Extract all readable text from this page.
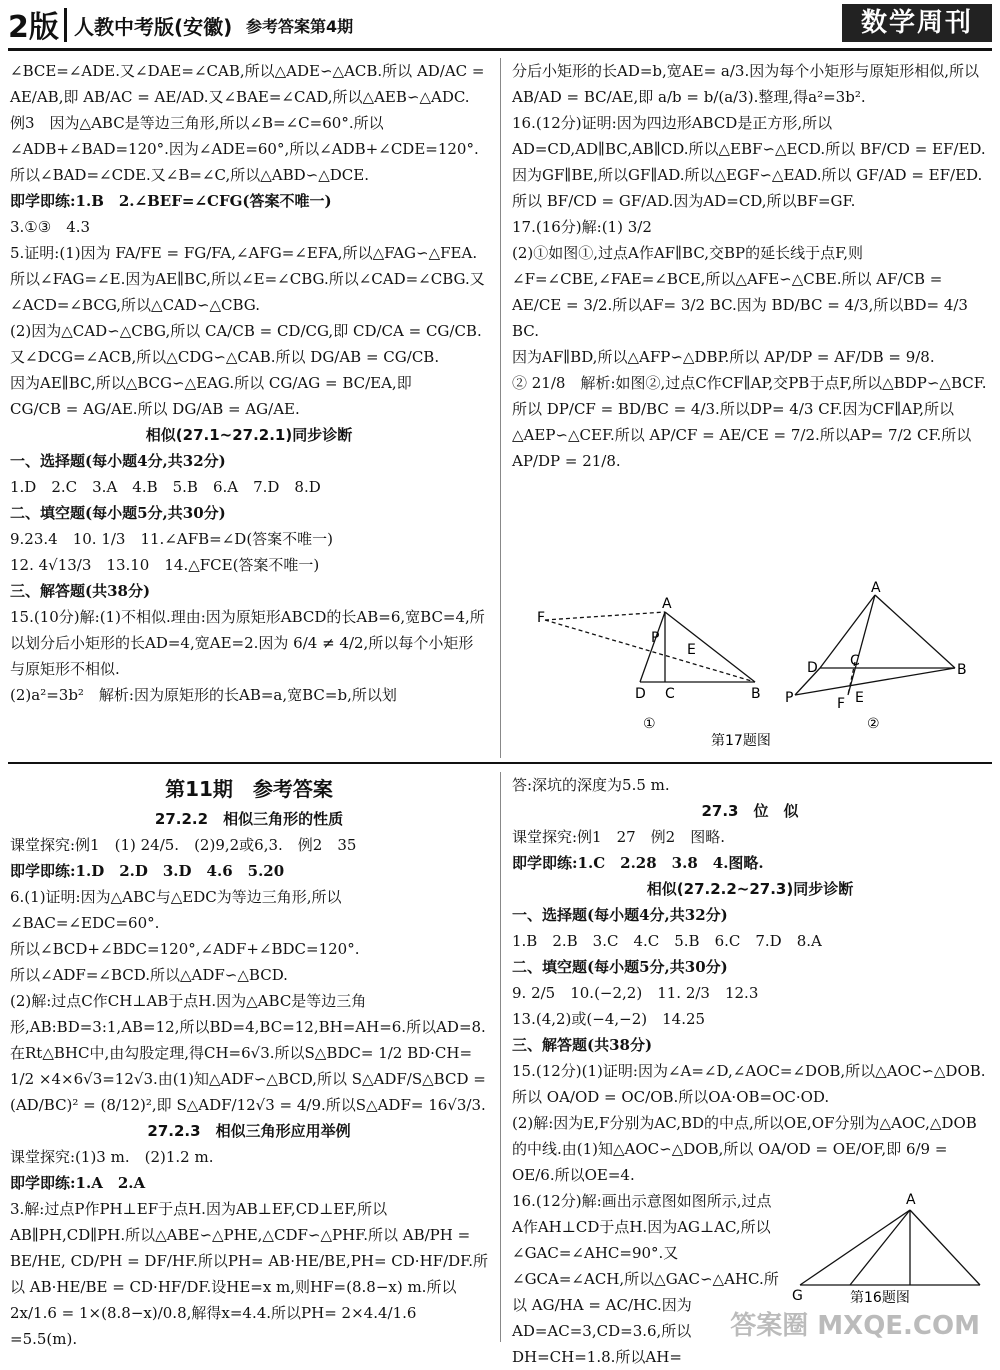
2版 人教中考版(安徽) 参考答案第4期	数学周刊

∠BCE=∠ADE.又∠DAE=∠CAB,所以△ADE∽△ACB.所以 AD/AC =

AE/AB,即 AB/AC = AE/AD.又∠BAE=∠CAD,所以△AEB∽△ADC.

例3　因为△ABC是等边三角形,所以∠B=∠C=60°.所以∠ADB+∠BAD=120°.因为∠ADE=60°,所以∠ADB+∠CDE=120°.所以∠BAD=∠CDE.又∠B=∠C,所以△ABD∽△DCE.

即学即练:1.B　2.∠BEF=∠CFG(答案不唯一)

3.①③　4.3

5.证明:(1)因为 FA/FE = FG/FA,∠AFG=∠EFA,所以△FAG∽△FEA.所以∠FAG=∠E.因为AE∥BC,所以∠E=∠CBG.所以∠CAD=∠CBG.又∠ACD=∠BCG,所以△CAD∽△CBG.

(2)因为△CAD∽△CBG,所以 CA/CB = CD/CG,即 CD/CA = CG/CB.

又∠DCG=∠ACB,所以△CDG∽△CAB.所以 DG/AB = CG/CB.

因为AE∥BC,所以△BCG∽△EAG.所以 CG/AG = BC/EA,即

CG/CB = AG/AE.所以 DG/AB = AG/AE.

相似(27.1~27.2.1)同步诊断

一、选择题(每小题4分,共32分)

1.D　2.C　3.A　4.B　5.B　6.A　7.D　8.D

二、填空题(每小题5分,共30分)

9.23.4　10. 1/3　11.∠AFB=∠D(答案不唯一)

12. 4√13/3　13.10　14.△FCE(答案不唯一)

三、解答题(共38分)

15.(10分)解:(1)不相似.理由:因为原矩形ABCD的长AB=6,宽BC=4,所以划分后小矩形的长AD=4,宽AE=2.因为 6/4 ≠ 4/2,所以每个小矩形与原矩形不相似.

(2)a²=3b²　解析:因为原矩形的长AB=a,宽BC=b,所以划

分后小矩形的长AD=b,宽AE= a/3.因为每个小矩形与原矩形相似,所以 AB/AD = BC/AE,即 a/b = b/(a/3).整理,得a²=3b².

16.(12分)证明:因为四边形ABCD是正方形,所以AD=CD,AD∥BC,AB∥CD.所以△EBF∽△ECD.所以 BF/CD = EF/ED.

因为GF∥BE,所以GF∥AD.所以△EGF∽△EAD.所以 GF/AD = EF/ED.所以 BF/CD = GF/AD.因为AD=CD,所以BF=GF.

17.(16分)解:(1) 3/2

(2)①如图①,过点A作AF∥BC,交BP的延长线于点F,则∠F=∠CBE,∠FAE=∠BCE,所以△AFE∽△CBE.所以 AF/CB = AE/CE = 3/2.所以AF= 3/2 BC.因为 BD/BC = 4/3,所以BD= 4/3 BC.

因为AF∥BD,所以△AFP∽△DBP.所以 AP/DP = AF/DB = 9/8.

② 21/8　解析:如图②,过点C作CF∥AP,交PB于点F,所以△BDP∽△BCF.所以 DP/CF = BD/BC = 4/3.所以DP= 4/3 CF.因为CF∥AP,所以△AEP∽△CEF.所以 AP/CF = AE/CE = 7/2.所以AP= 7/2 CF.所以 AP/DP = 21/8.

F
A
P
E
D C	B
A
D C
B
P	F E
①	②
第17题图

第11期　参考答案

27.2.2　相似三角形的性质

课堂探究:例1　(1) 24/5.　(2)9,2或6,3.　例2　35

即学即练:1.D　2.D　3.D　4.6　5.20

6.(1)证明:因为△ABC与△EDC为等边三角形,所以∠BAC=∠EDC=60°.

所以∠BCD+∠BDC=120°,∠ADF+∠BDC=120°.

所以∠ADF=∠BCD.所以△ADF∽△BCD.

(2)解:过点C作CH⊥AB于点H.因为△ABC是等边三角形,AB:BD=3:1,AB=12,所以BD=4,BC=12,BH=AH=6.所以AD=8.在Rt△BHC中,由勾股定理,得CH=6√3.所以S△BDC= 1/2 BD·CH= 1/2 ×4×6√3=12√3.由(1)知△ADF∽△BCD,所以 S△ADF/S△BCD = (AD/BC)² = (8/12)²,即 S△ADF/12√3 = 4/9.所以S△ADF= 16√3/3.

27.2.3　相似三角形应用举例

课堂探究:(1)3 m.　(2)1.2 m.

即学即练:1.A　2.A

3.解:过点P作PH⊥EF于点H.因为AB⊥EF,CD⊥EF,所以AB∥PH,CD∥PH.所以△ABE∽△PHE,△CDF∽△PHF.所以 AB/PH = BE/HE, CD/PH = DF/HF.所以PH= AB·HE/BE,PH= CD·HF/DF.所以 AB·HE/BE = CD·HF/DF.设HE=x m,则HF=(8.8−x) m.所以 2x/1.6 = 1×(8.8−x)/0.8,解得x=4.4.所以PH= 2×4.4/1.6 =5.5(m).

答:深坑的深度为5.5 m.

27.3　位　似

课堂探究:例1　27　例2　图略.

即学即练:1.C　2.28　3.8　4.图略.

相似(27.2.2~27.3)同步诊断

一、选择题(每小题4分,共32分)

1.B　2.B　3.C　4.C　5.B　6.C　7.D　8.A

二、填空题(每小题5分,共30分)

9. 2/5　10.(−2,2)　11. 2/3　12.3

13.(4,2)或(−4,−2)　14.25

三、解答题(共38分)

15.(12分)(1)证明:因为∠A=∠D,∠AOC=∠DOB,所以△AOC∽△DOB.所以 OA/OD = OC/OB.所以OA·OB=OC·OD.

(2)解:因为E,F分别为AC,BD的中点,所以OE,OF分别为△AOC,△DOB的中线.由(1)知△AOC∽△DOB,所以 OA/OD = OE/OF,即 6/9 = OE/6.所以OE=4.

16.(12分)解:画出示意图如图所示,过点A作AH⊥CD于点H.因为AG⊥AC,所以∠GAC=∠AHC=90°.又∠GCA=∠ACH,所以△GAC∽△AHC.所以 AG/HA = AC/HC.因为AD=AC=3,CD=3.6,所以DH=CH=1.8.所以AH=

A
G	第16题图
答案圈 MXQE.COM
